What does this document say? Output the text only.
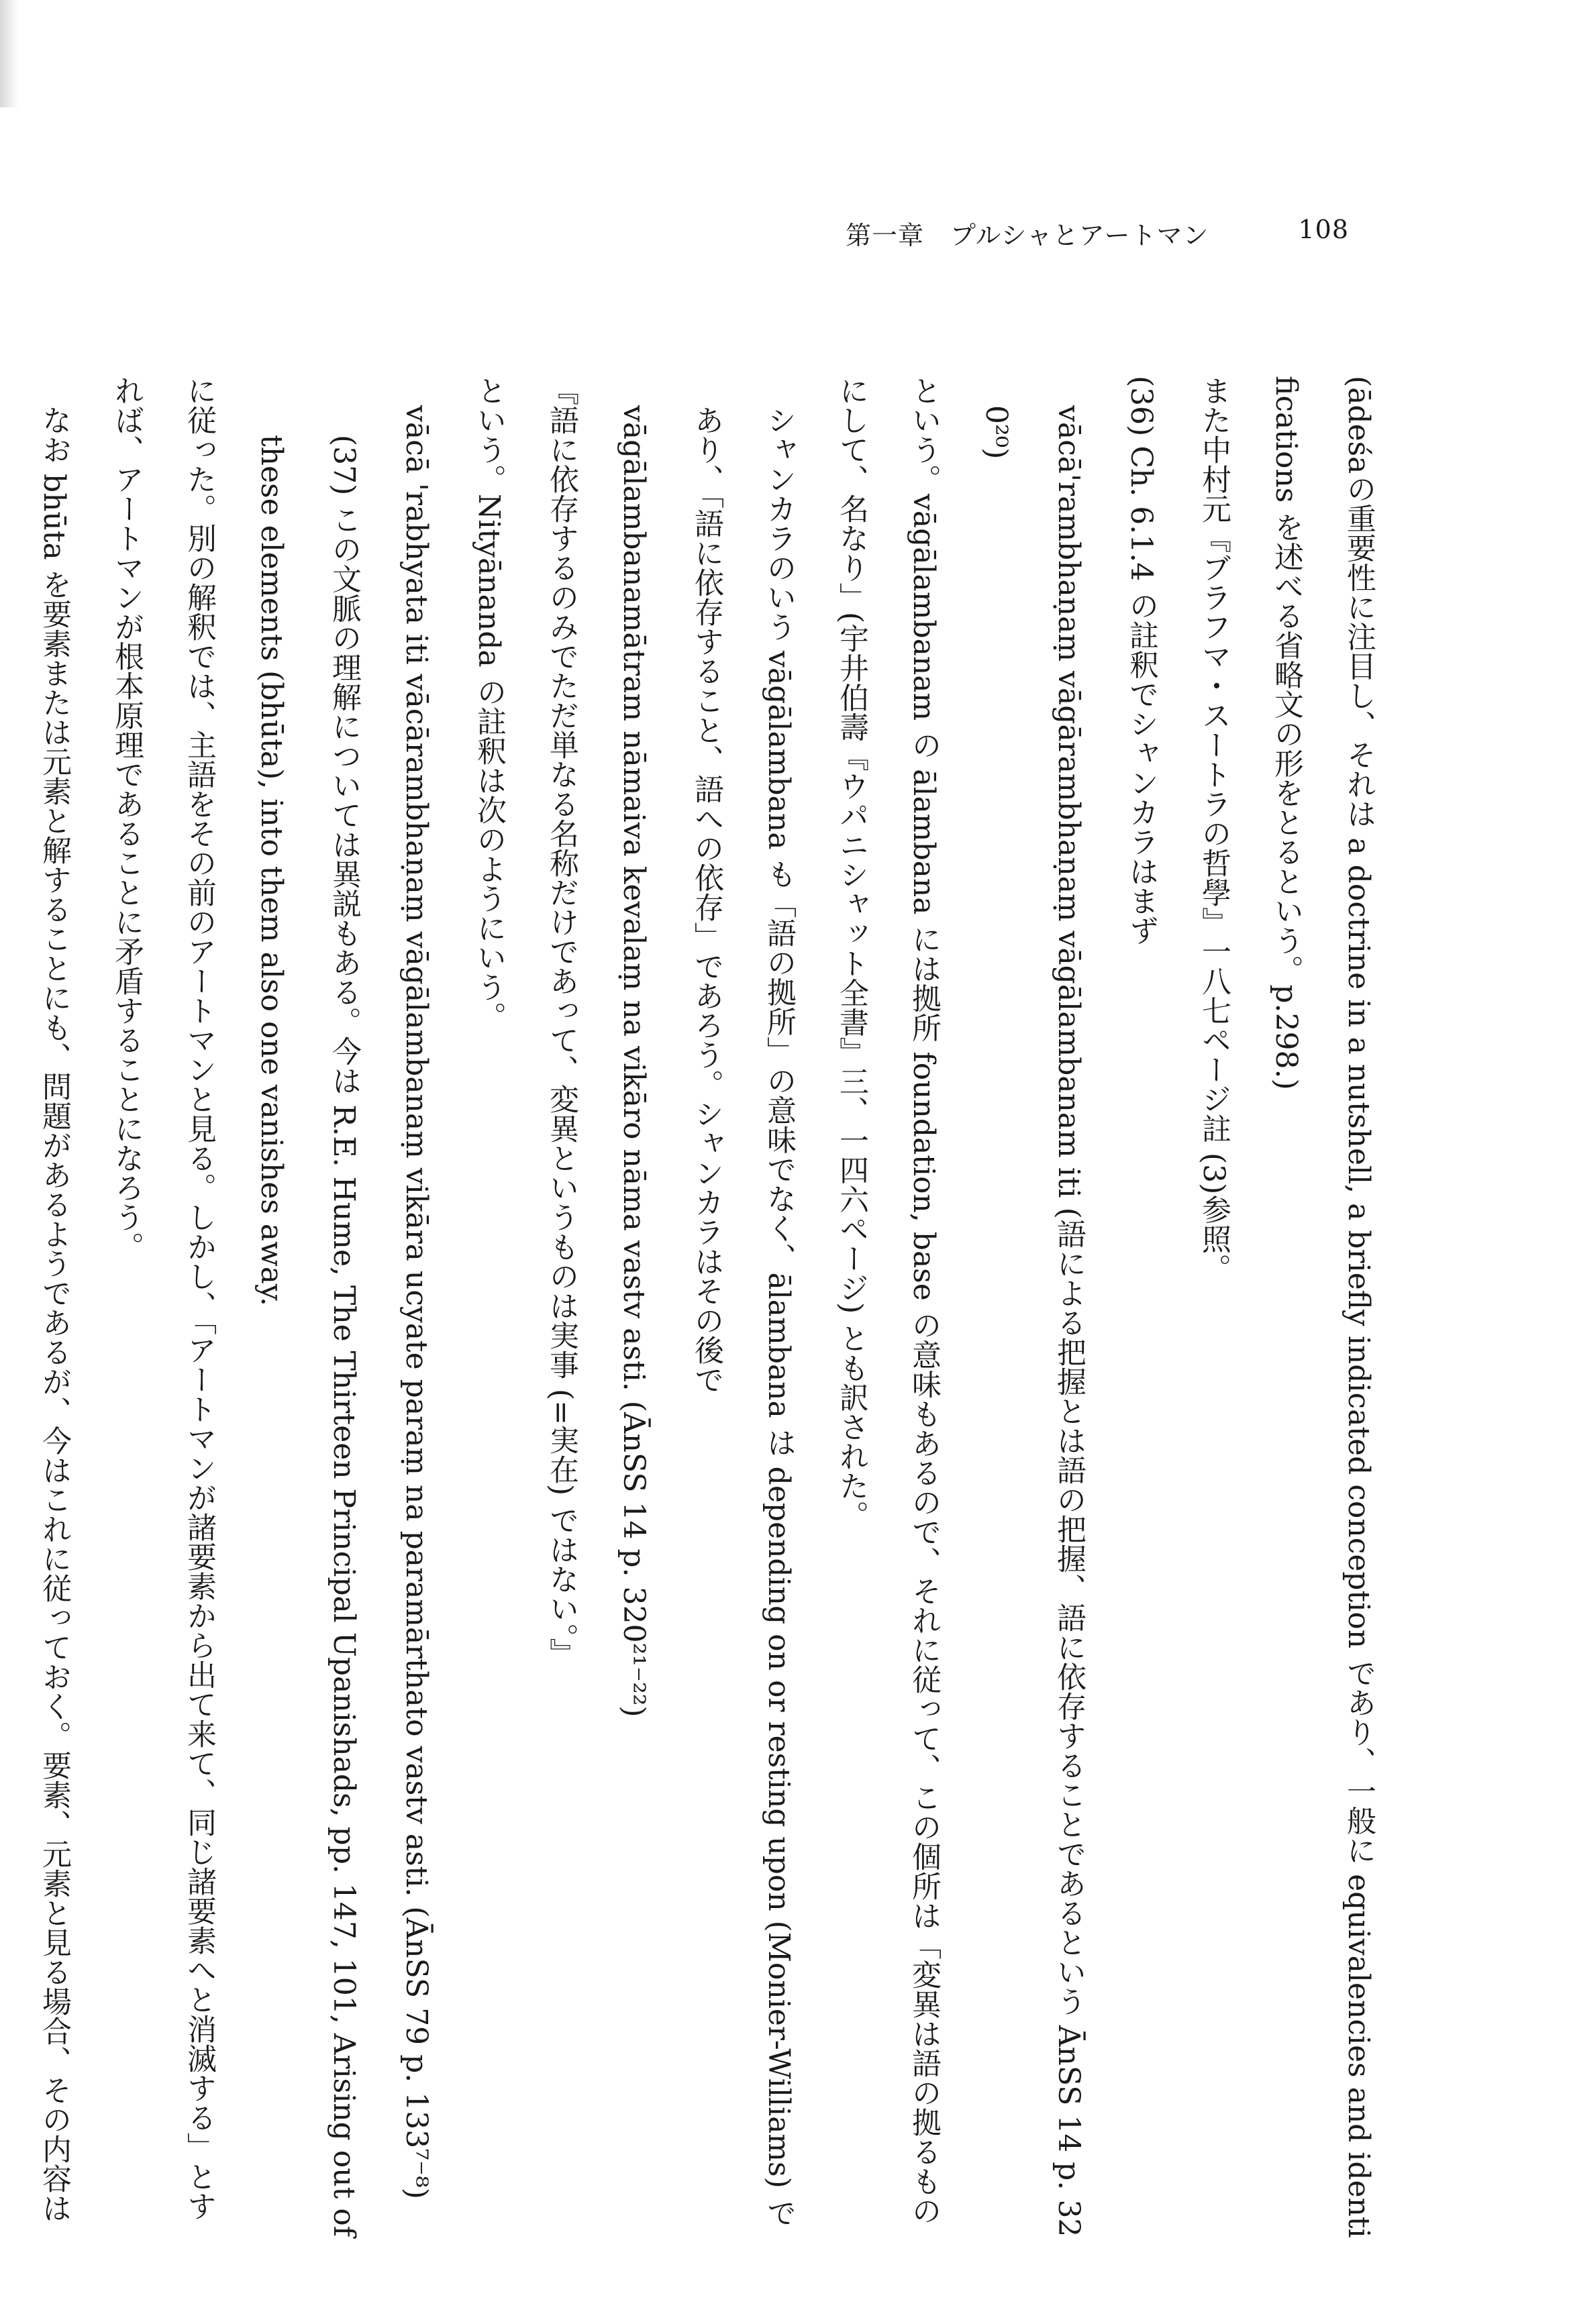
第一章　プルシャとアートマン	108

(ādeśaの重要性に注目し、それは a doctrine in a nutshell, a briefly indicated conception であり、一般に equivalencies and identifications を述べる省略文の形をとるという。p.298.)

また中村元『ブラフマ・スートラの哲學』一八七ページ註 (3)参照。

(36) Ch. 6.1.4 の註釈でシャンカラはまず

vācā'rambhaṇaṃ vāgārambhaṇaṃ vāgālambanam iti (語による把握とは語の把握、語に依存することであるという ĀnSS 14 p. 320²⁰)

という。vāgālambanam の ālambana には拠所 foundation, base の意味もあるので、それに従って、この個所は「変異は語の拠るものにして、名なり」(宇井伯壽『ウパニシャット全書』三、一四六ページ) とも訳された。

シャンカラのいう vāgālambana も「語の拠所」の意味でなく、ālambana は depending on or resting upon (Monier-Williams) であり、「語に依存すること、語への依存」であろう。シャンカラはその後で

vāgālambanamātram nāmaiva kevalaṃ na vikāro nāma vastv asti. (ĀnSS 14 p. 320²¹⁻²²)

『語に依存するのみでただ単なる名称だけであって、変異というものは実事 (=実在) ではない。』

という。Nityānanda の註釈は次のようにいう。

vācā 'rabhyata iti vācārambhaṇaṃ vāgālambanaṃ vikāra ucyate paraṃ na paramārthato vastv asti. (ĀnSS 79 p. 133⁷⁻⁸)

(37) この文脈の理解については異説もある。今は R.E. Hume, The Thirteen Principal Upanishads, pp. 147, 101, Arising out of these elements (bhūta), into them also one vanishes away.

に従った。別の解釈では、主語をその前のアートマンと見る。しかし、「アートマンが諸要素から出て来て、同じ諸要素へと消滅する」とすれば、アートマンが根本原理であることに矛盾することになろう。

なお bhūta を要素または元素と解することにも、問題があるようであるが、今はこれに従っておく。要素、元素と見る場合、その内容は
